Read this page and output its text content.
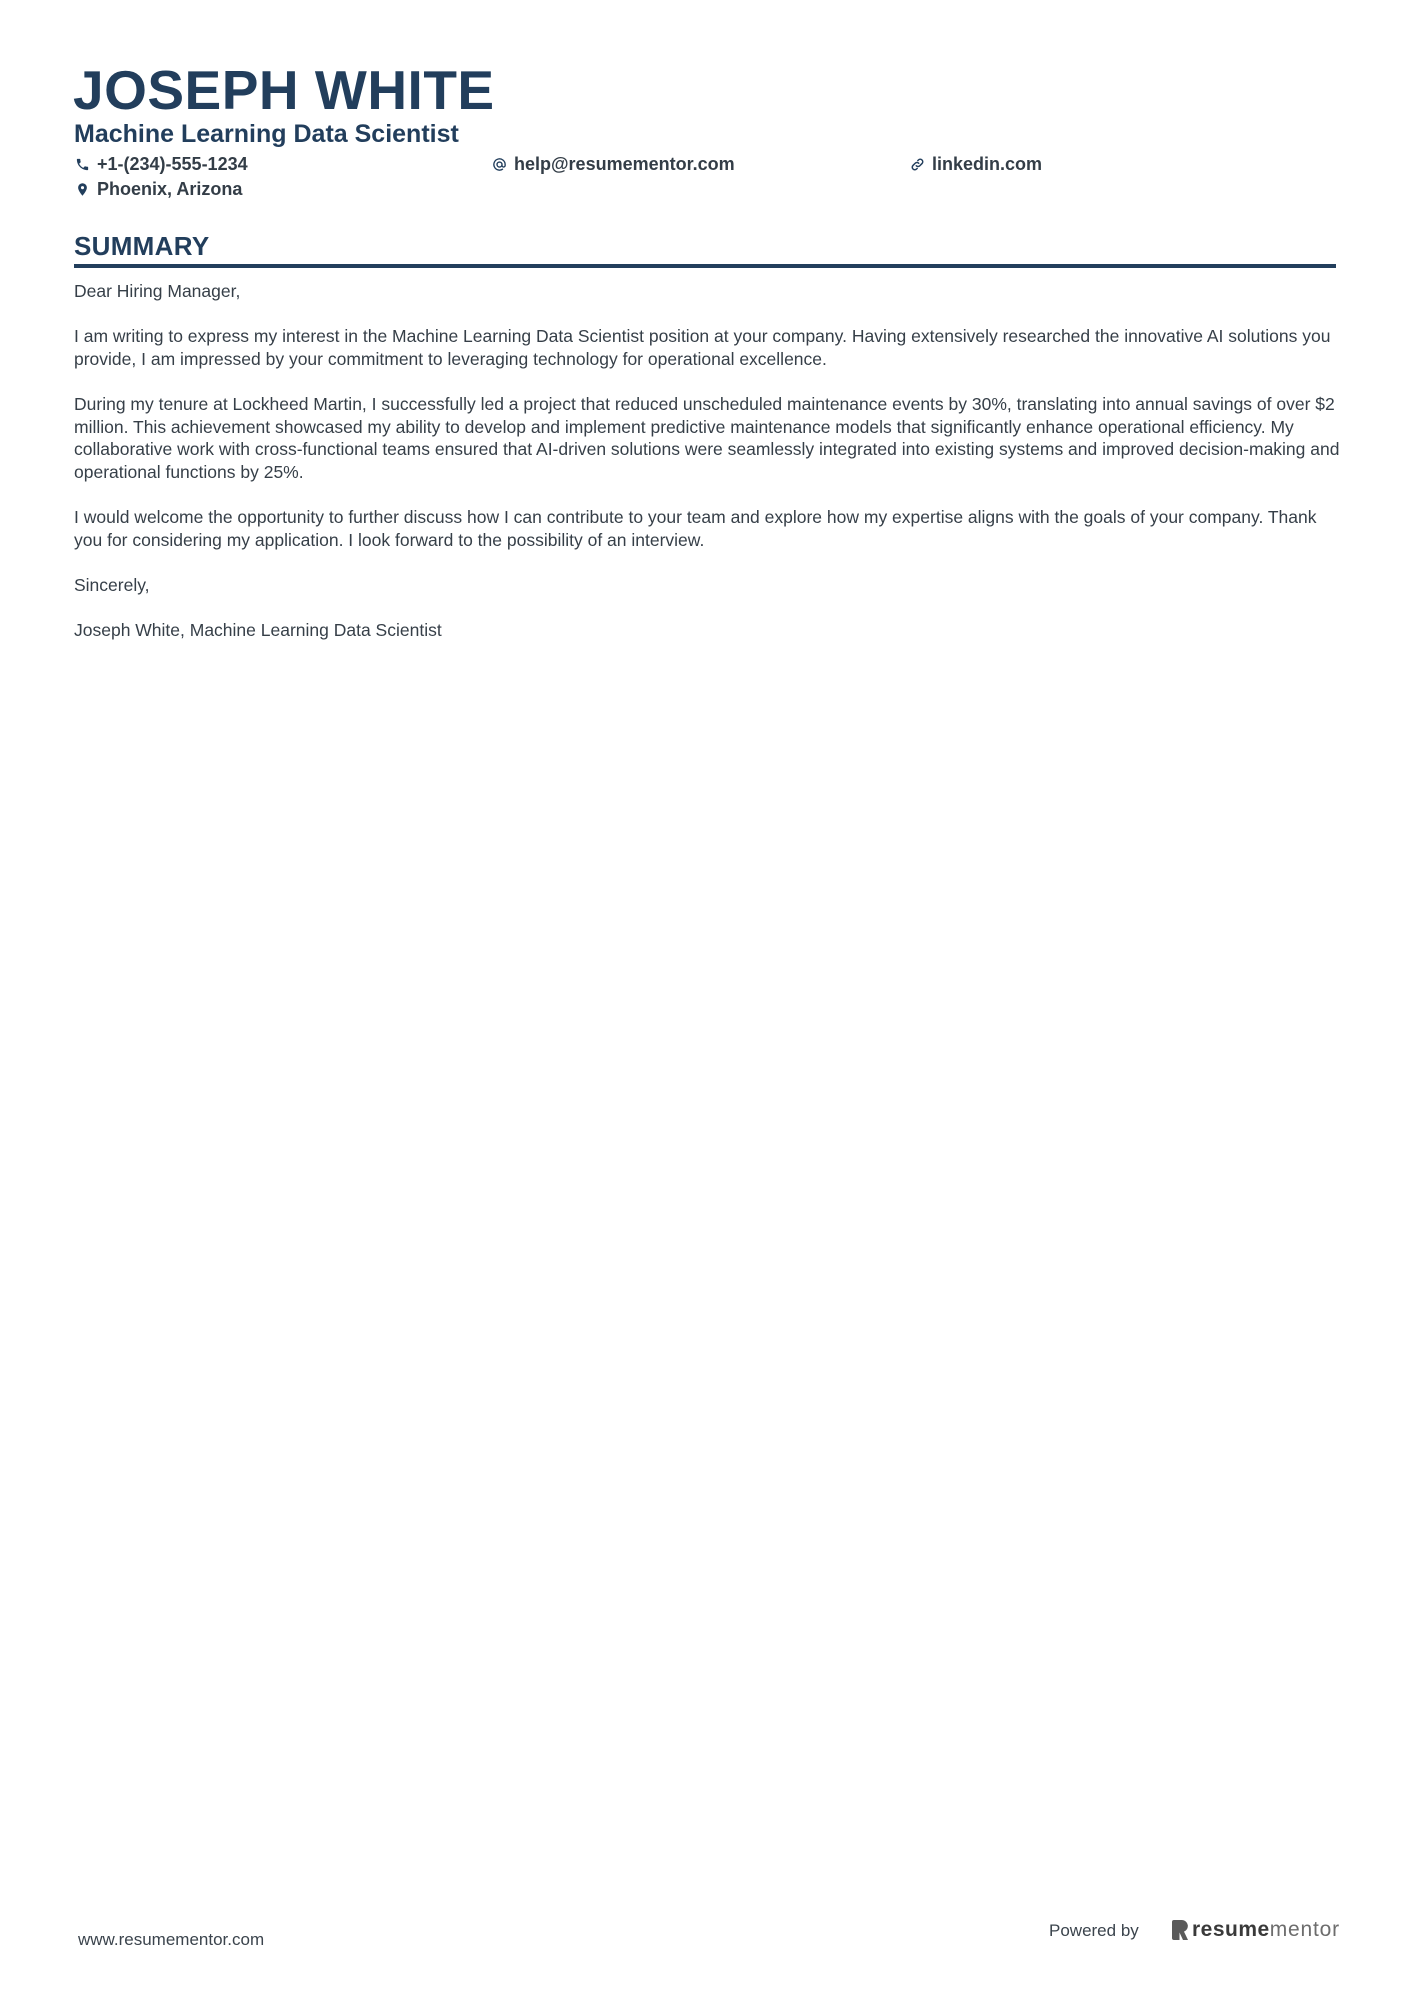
JOSEPH WHITE
Machine Learning Data Scientist
+1-(234)-555-1234	help@resumementor.com	linkedin.com
Phoenix, Arizona
SUMMARY

Dear Hiring Manager,

I am writing to express my interest in the Machine Learning Data Scientist position at your company. Having extensively researched the innovative AI solutions you provide, I am impressed by your commitment to leveraging technology for operational excellence.

During my tenure at Lockheed Martin, I successfully led a project that reduced unscheduled maintenance events by 30%, translating into annual savings of over $2 million. This achievement showcased my ability to develop and implement predictive maintenance models that significantly enhance operational efficiency. My collaborative work with cross-functional teams ensured that AI-driven solutions were seamlessly integrated into existing systems and improved decision-making and operational functions by 25%.

I would welcome the opportunity to further discuss how I can contribute to your team and explore how my expertise aligns with the goals of your company. Thank you for considering my application. I look forward to the possibility of an interview.

Sincerely,

Joseph White, Machine Learning Data Scientist

www.resumementor.com	Powered by	resume mentor
